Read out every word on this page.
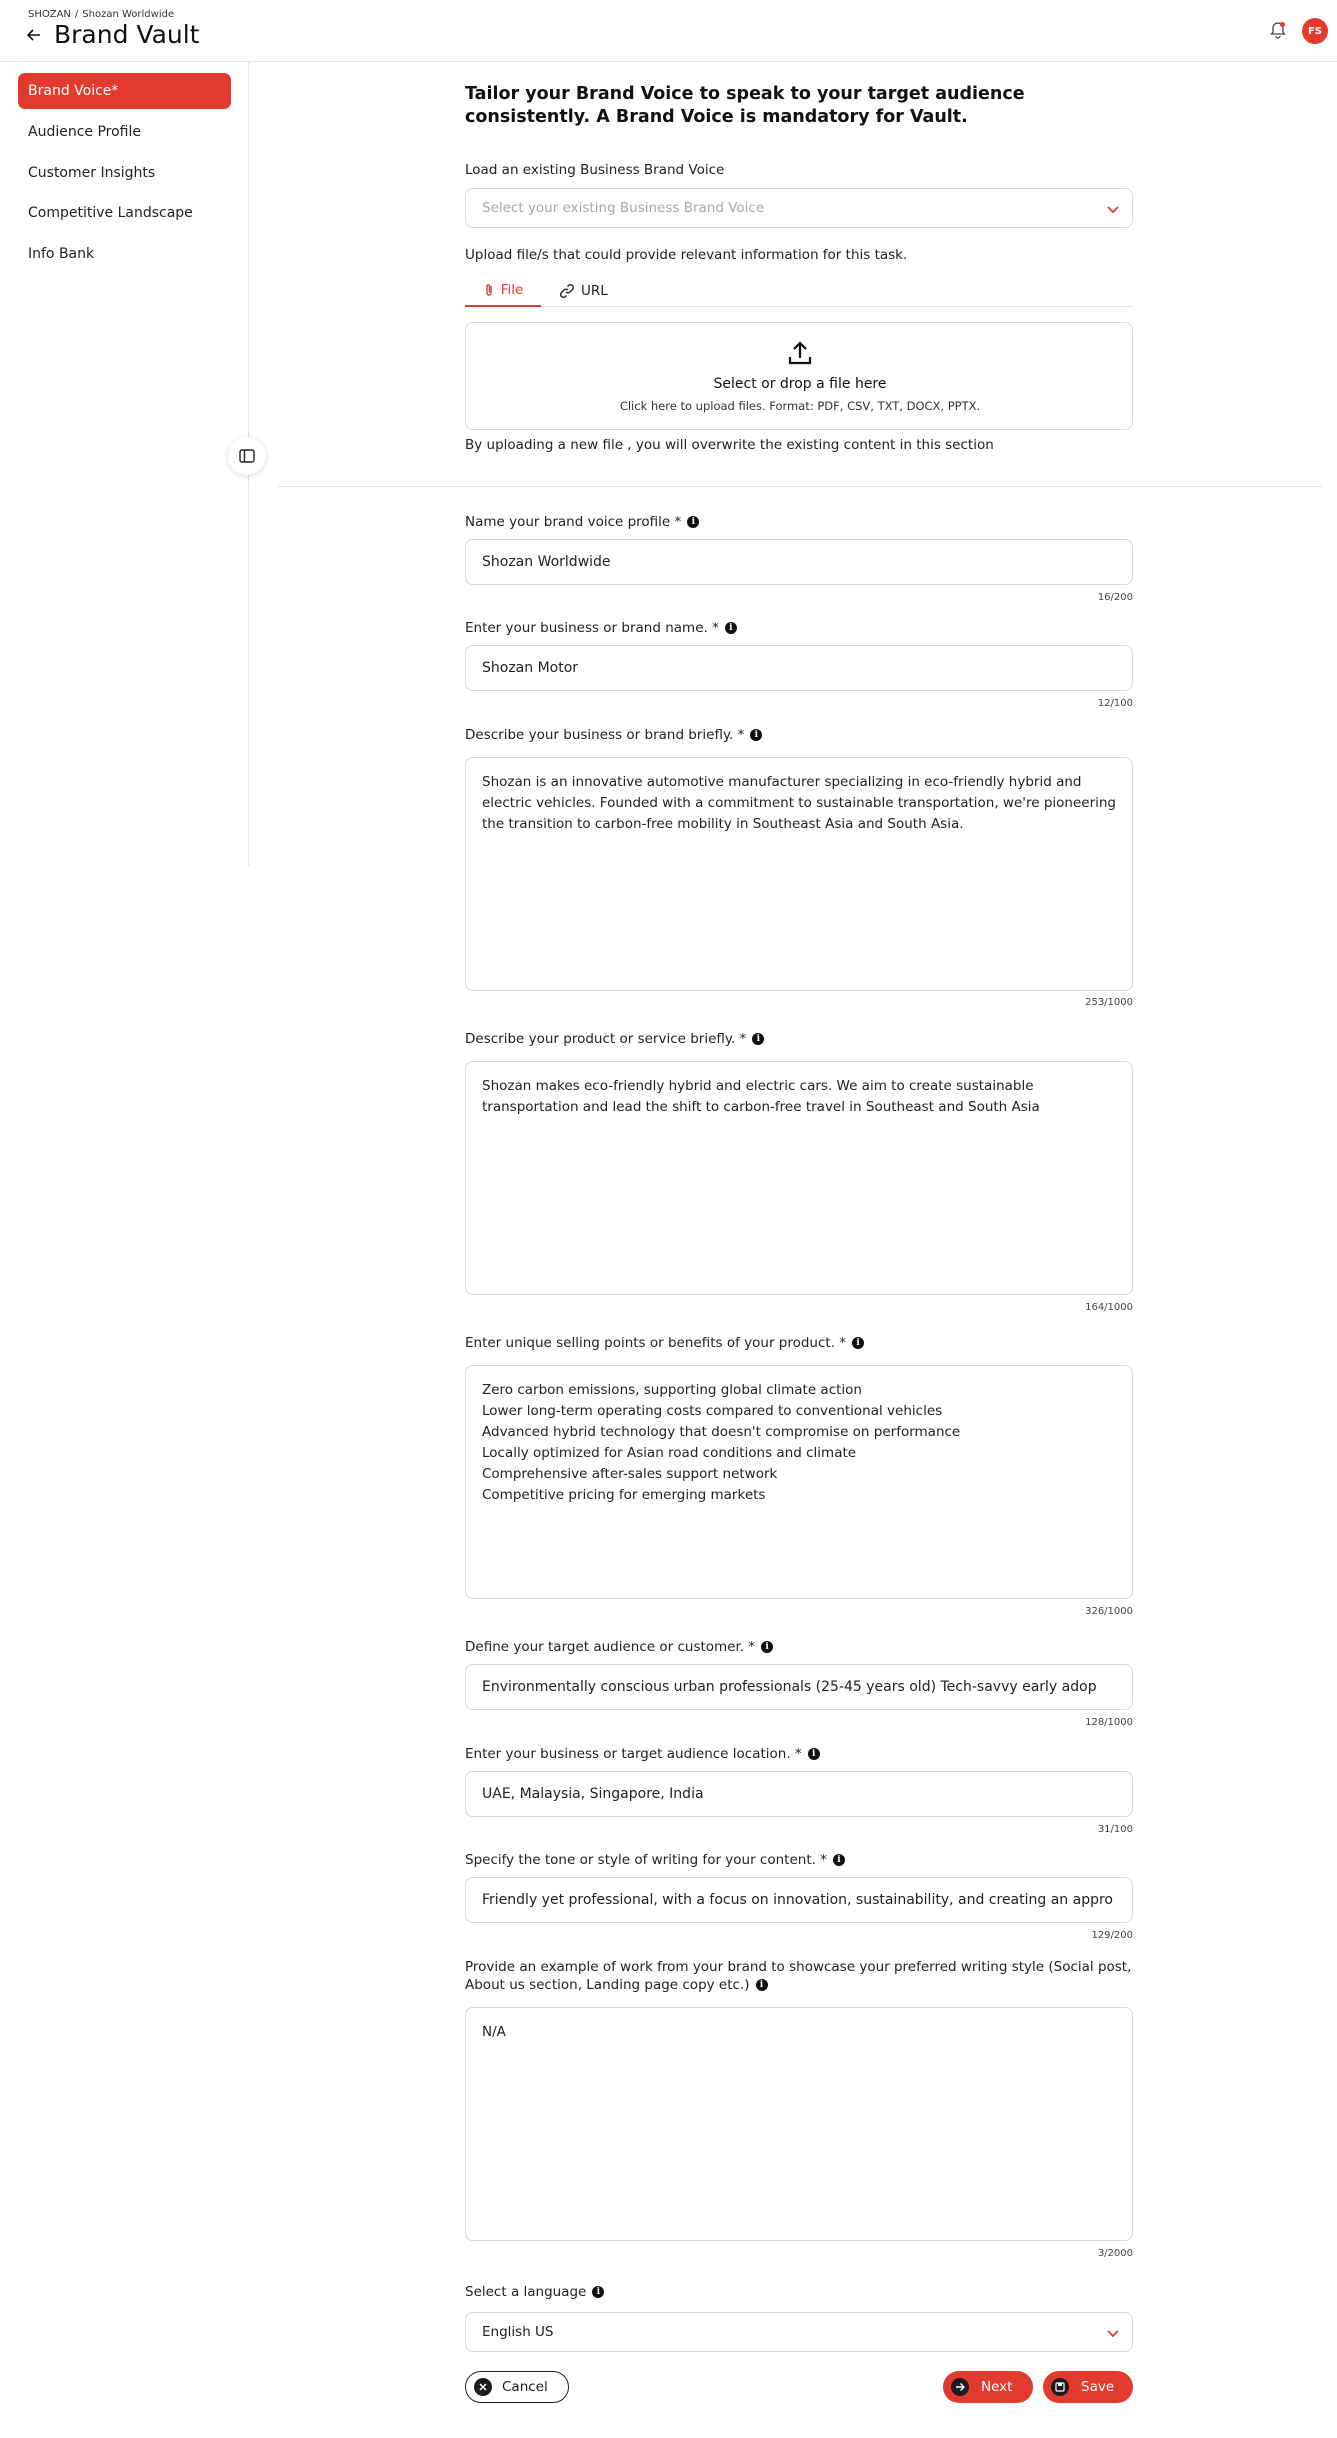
SHOZAN / Shozan Worldwide
Brand Vault	FS
Brand Voice*
Audience Profile
Customer Insights
Competitive Landscape
Info Bank
Tailor your Brand Voice to speak to your target audience consistently. A Brand Voice is mandatory for Vault.
Load an existing Business Brand Voice
Select your existing Business Brand Voice
Upload file/s that could provide relevant information for this task.
File	URL
Select or drop a file here
Click here to upload files. Format: PDF, CSV, TXT, DOCX, PPTX.
By uploading a new file , you will overwrite the existing content in this section
Name your brand voice profile *	i
Shozan Worldwide
16/200
Enter your business or brand name. *	i
Shozan Motor
12/100
Describe your business or brand briefly. *	i
Shozan is an innovative automotive manufacturer specializing in eco-friendly hybrid and electric vehicles. Founded with a commitment to sustainable transportation, we're pioneering the transition to carbon-free mobility in Southeast Asia and South Asia.
253/1000
Describe your product or service briefly. *	i
Shozan makes eco-friendly hybrid and electric cars. We aim to create sustainable transportation and lead the shift to carbon-free travel in Southeast and South Asia
164/1000
Enter unique selling points or benefits of your product. *	i
Zero carbon emissions, supporting global climate action
Lower long-term operating costs compared to conventional vehicles
Advanced hybrid technology that doesn't compromise on performance
Locally optimized for Asian road conditions and climate
Comprehensive after-sales support network
Competitive pricing for emerging markets
326/1000
Define your target audience or customer. *	i
Environmentally conscious urban professionals (25-45 years old) Tech-savvy early adop
128/1000
Enter your business or target audience location. *	i
UAE, Malaysia, Singapore, India
31/100
Specify the tone or style of writing for your content. *	i
Friendly yet professional, with a focus on innovation, sustainability, and creating an appro
129/200
Provide an example of work from your brand to showcase your preferred writing style (Social post,
About us section, Landing page copy etc.)	i
N/A
3/2000
Select a language	i
English US
Cancel	Next	Save
